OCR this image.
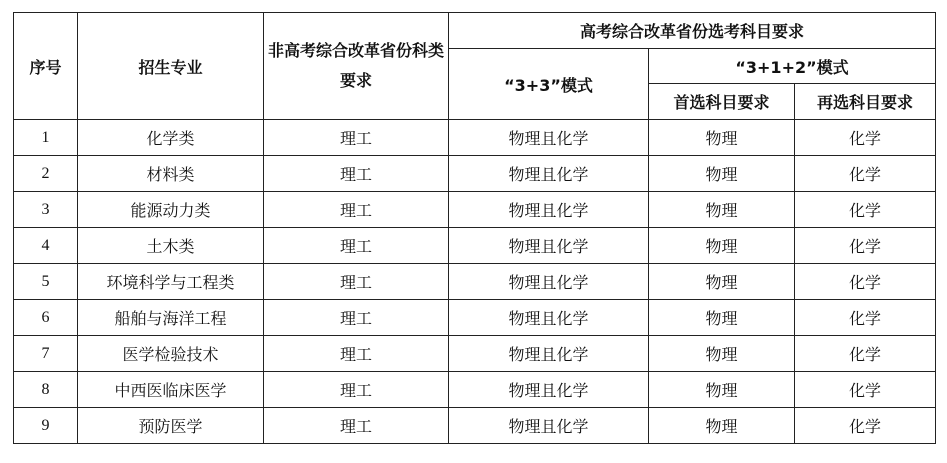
序号	招生专业	非高考综合改革省份科类要求	高考综合改革省份选考科目要求		
			“3+3”模式	“3+1+2”模式	
				首选科目要求	再选科目要求
1	化学类	理工	物理且化学	物理	化学
2	材料类	理工	物理且化学	物理	化学
3	能源动力类	理工	物理且化学	物理	化学
4	土木类	理工	物理且化学	物理	化学
5	环境科学与工程类	理工	物理且化学	物理	化学
6	船舶与海洋工程	理工	物理且化学	物理	化学
7	医学检验技术	理工	物理且化学	物理	化学
8	中西医临床医学	理工	物理且化学	物理	化学
9	预防医学	理工	物理且化学	物理	化学
